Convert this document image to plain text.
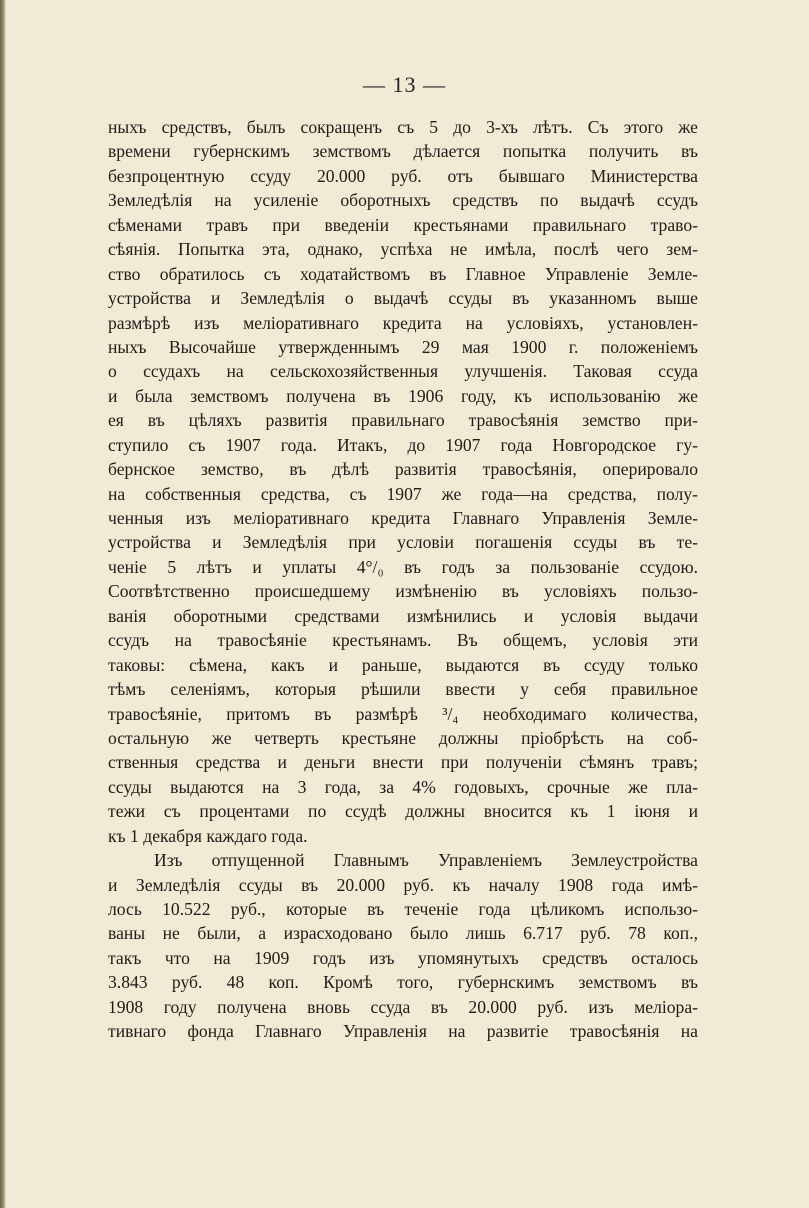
— 13 —
ныхъ средствъ, былъ сокращенъ съ 5 до 3-хъ лѣтъ. Съ этого же
времени губернскимъ земствомъ дѣлается попытка получить въ
безпроцентную ссуду 20.000 руб. отъ бывшаго Министерства
Земледѣлія на усиленіе оборотныхъ средствъ по выдачѣ ссудъ
сѣменами травъ при введеніи крестьянами правильнаго траво-
сѣянія. Попытка эта, однако, успѣха не имѣла, послѣ чего зем-
ство обратилось съ ходатайствомъ въ Главное Управленіе Земле-
устройства и Земледѣлія о выдачѣ ссуды въ указанномъ выше
размѣрѣ изъ меліоративнаго кредита на условіяхъ, установлен-
ныхъ Высочайше утвержденнымъ 29 мая 1900 г. положеніемъ
о ссудахъ на сельскохозяйственныя улучшенія. Таковая ссуда
и была земствомъ получена въ 1906 году, къ использованію же
ея въ цѣляхъ развитія правильнаго травосѣянія земство при-
ступило съ 1907 года. Итакъ, до 1907 года Новгородское гу-
бернское земство, въ дѣлѣ развитія травосѣянія, оперировало
на собственныя средства, съ 1907 же года—на средства, полу-
ченныя изъ меліоративнаго кредита Главнаго Управленія Земле-
устройства и Земледѣлія при условіи погашенія ссуды въ те-
ченіе 5 лѣтъ и уплаты 4°/₀ въ годъ за пользованіе ссудою.
Соотвѣтственно происшедшему измѣненію въ условіяхъ пользо-
ванія оборотными средствами измѣнились и условія выдачи
ссудъ на травосѣяніе крестьянамъ. Въ общемъ, условія эти
таковы: сѣмена, какъ и раньше, выдаются въ ссуду только
тѣмъ селеніямъ, которыя рѣшили ввести у себя правильное
травосѣяніе, притомъ въ размѣрѣ ³/₄ необходимаго количества,
остальную же четверть крестьяне должны пріобрѣсть на соб-
ственныя средства и деньги внести при полученіи сѣмянъ травъ;
ссуды выдаются на 3 года, за 4% годовыхъ, срочные же пла-
тежи съ процентами по ссудѣ должны вносится къ 1 іюня и
къ 1 декабря каждаго года.
Изъ отпущенной Главнымъ Управленіемъ Землеустройства
и Земледѣлія ссуды въ 20.000 руб. къ началу 1908 года имѣ-
лось 10.522 руб., которые въ теченіе года цѣликомъ использо-
ваны не были, а израсходовано было лишь 6.717 руб. 78 коп.,
такъ что на 1909 годъ изъ упомянутыхъ средствъ осталось
3.843 руб. 48 коп. Кромѣ того, губернскимъ земствомъ въ
1908 году получена вновь ссуда въ 20.000 руб. изъ меліора-
тивнаго фонда Главнаго Управленія на развитіе травосѣянія на
